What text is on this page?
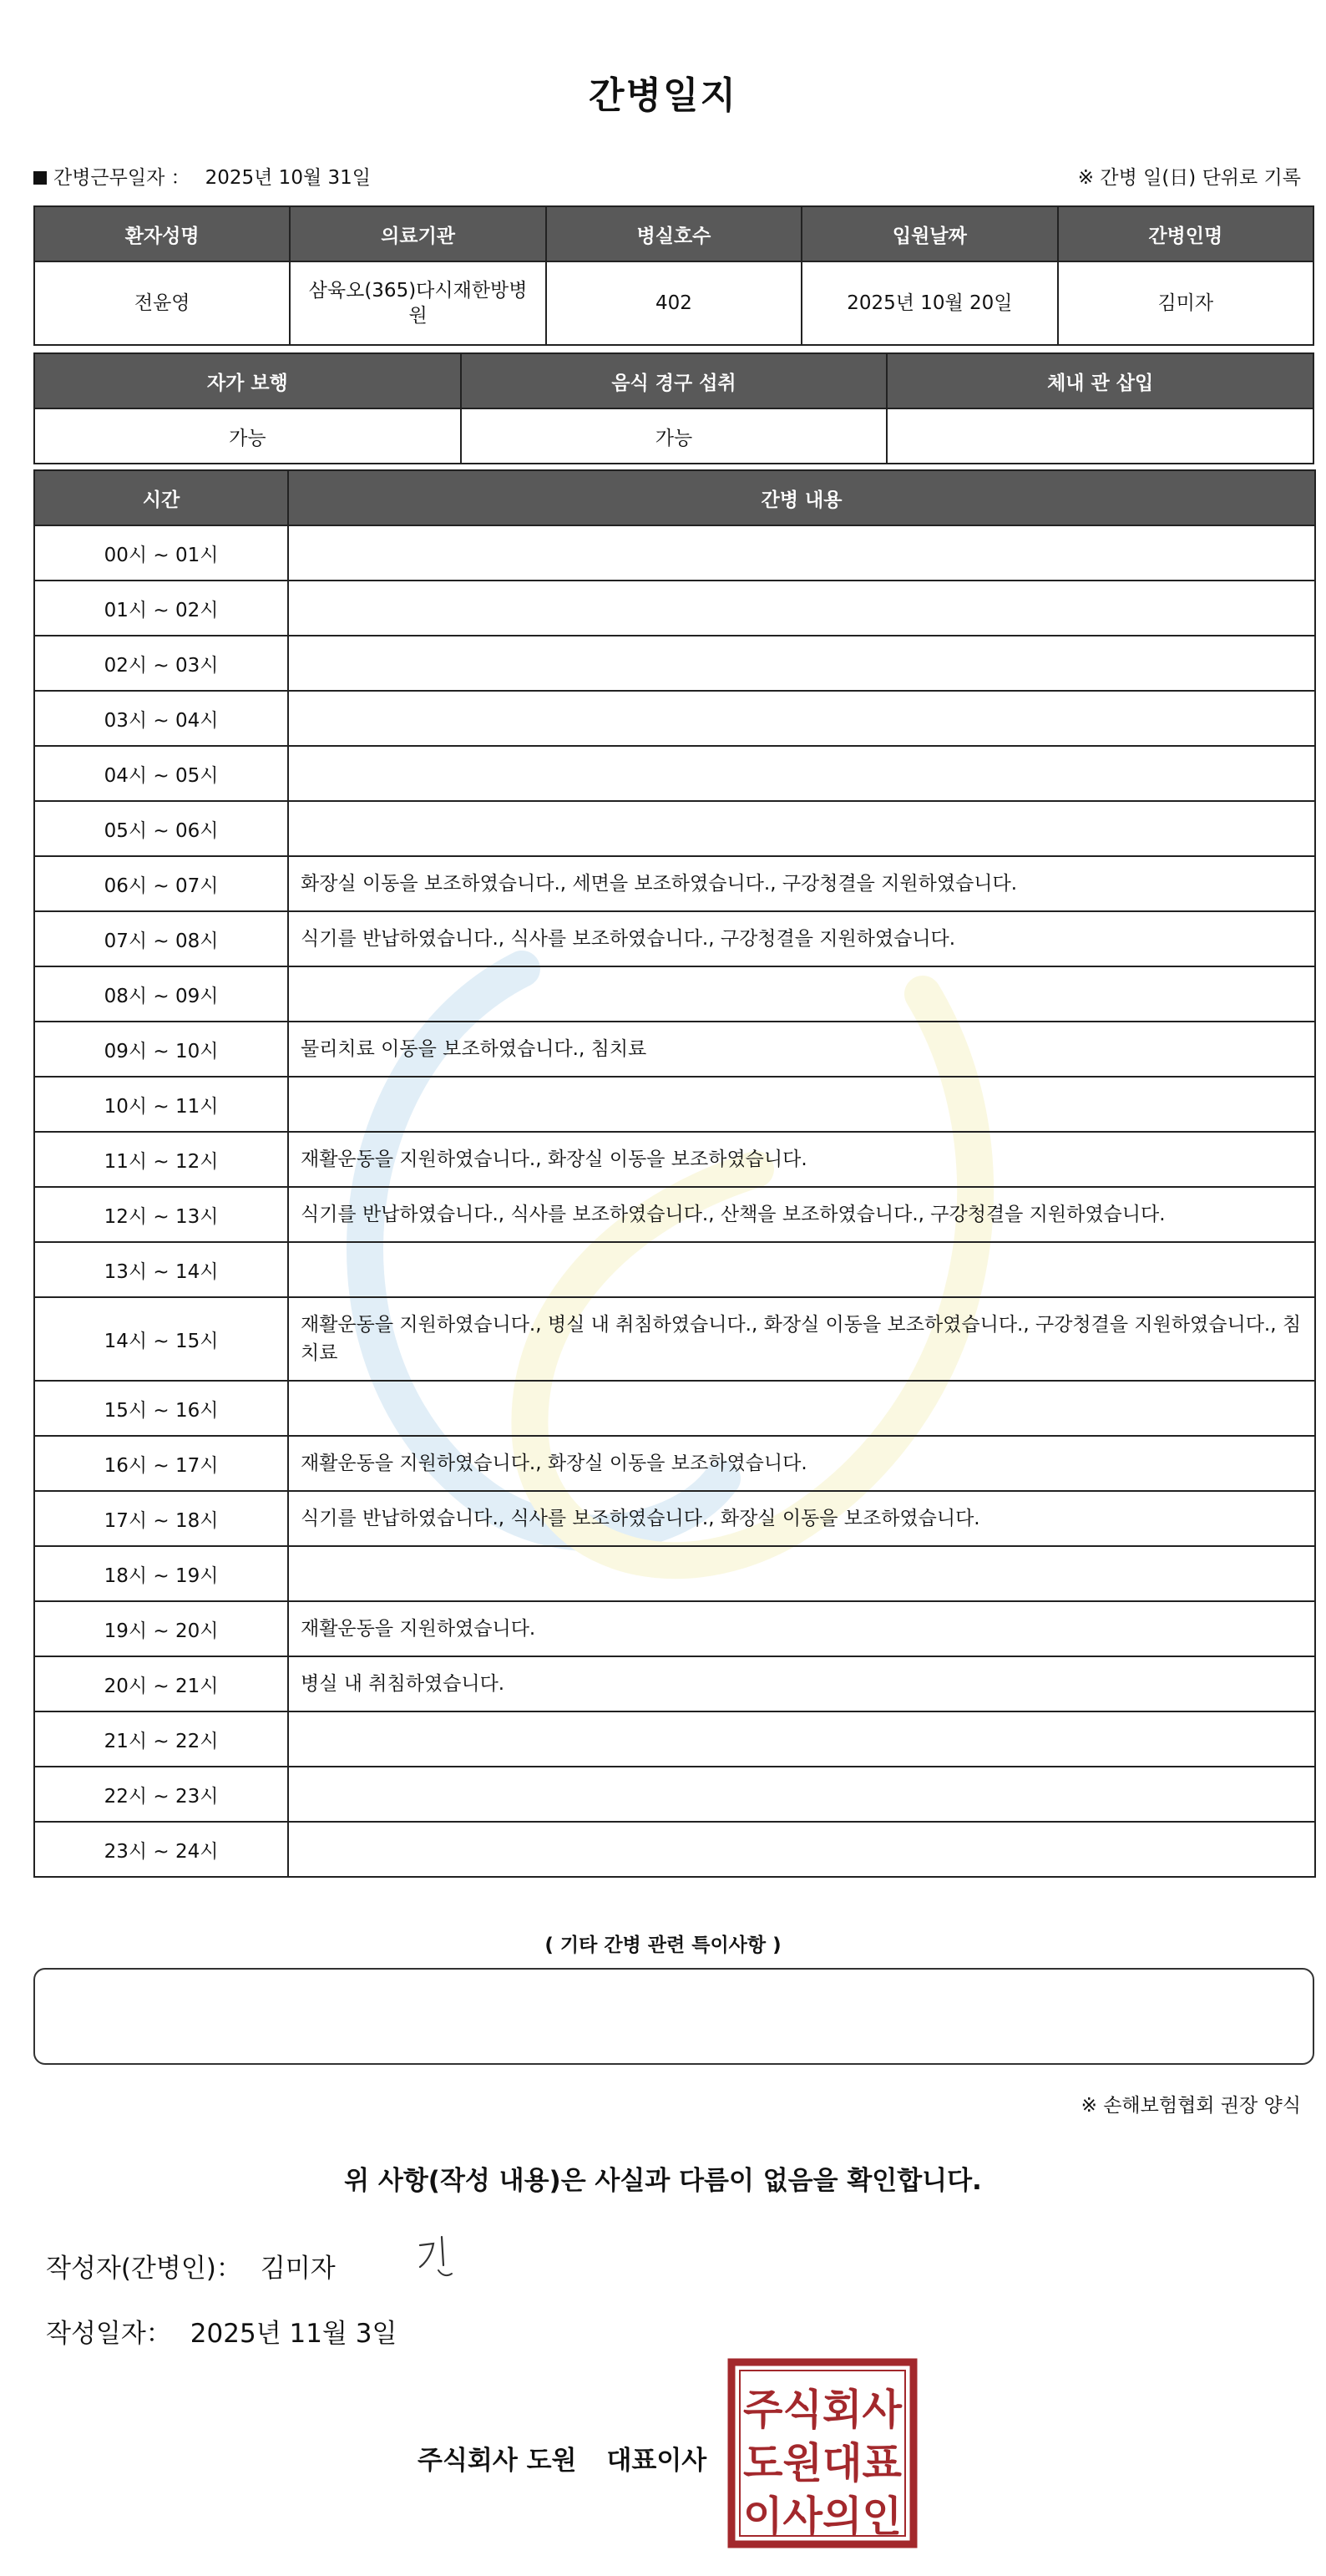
간병일지
간병근무일자 ： 2025년 10월 31일	※ 간병 일(日) 단위로 기록
환자성명	의료기관	병실호수	입원날짜	간병인명
전윤영	삼육오(365)다시재한방병원	402	2025년 10월 20일	김미자
자가 보행	음식 경구 섭취	체내 관 삽입
가능	가능	
시간	간병 내용
00시 ~ 01시	
01시 ~ 02시	
02시 ~ 03시	
03시 ~ 04시	
04시 ~ 05시	
05시 ~ 06시	
06시 ~ 07시	화장실 이동을 보조하였습니다., 세면을 보조하였습니다., 구강청결을 지원하였습니다.
07시 ~ 08시	식기를 반납하였습니다., 식사를 보조하였습니다., 구강청결을 지원하였습니다.
08시 ~ 09시	
09시 ~ 10시	물리치료 이동을 보조하였습니다., 침치료
10시 ~ 11시	
11시 ~ 12시	재활운동을 지원하였습니다., 화장실 이동을 보조하였습니다.
12시 ~ 13시	식기를 반납하였습니다., 식사를 보조하였습니다., 산책을 보조하였습니다., 구강청결을 지원하였습니다.
13시 ~ 14시	
14시 ~ 15시	재활운동을 지원하였습니다., 병실 내 취침하였습니다., 화장실 이동을 보조하였습니다., 구강청결을 지원하였습니다., 침치료
15시 ~ 16시	
16시 ~ 17시	재활운동을 지원하였습니다., 화장실 이동을 보조하였습니다.
17시 ~ 18시	식기를 반납하였습니다., 식사를 보조하였습니다., 화장실 이동을 보조하였습니다.
18시 ~ 19시	
19시 ~ 20시	재활운동을 지원하였습니다.
20시 ~ 21시	병실 내 취침하였습니다.
21시 ~ 22시	
22시 ~ 23시	
23시 ~ 24시	
( 기타 간병 관련 특이사항 )
※ 손해보험협회 권장 양식
위 사항(작성 내용)은 사실과 다름이 없음을 확인합니다.
작성자(간병인)： 김미자
작성일자： 2025년 11월 3일
주식회사 도원 대표이사
주식회사
도원대표
이사의인
